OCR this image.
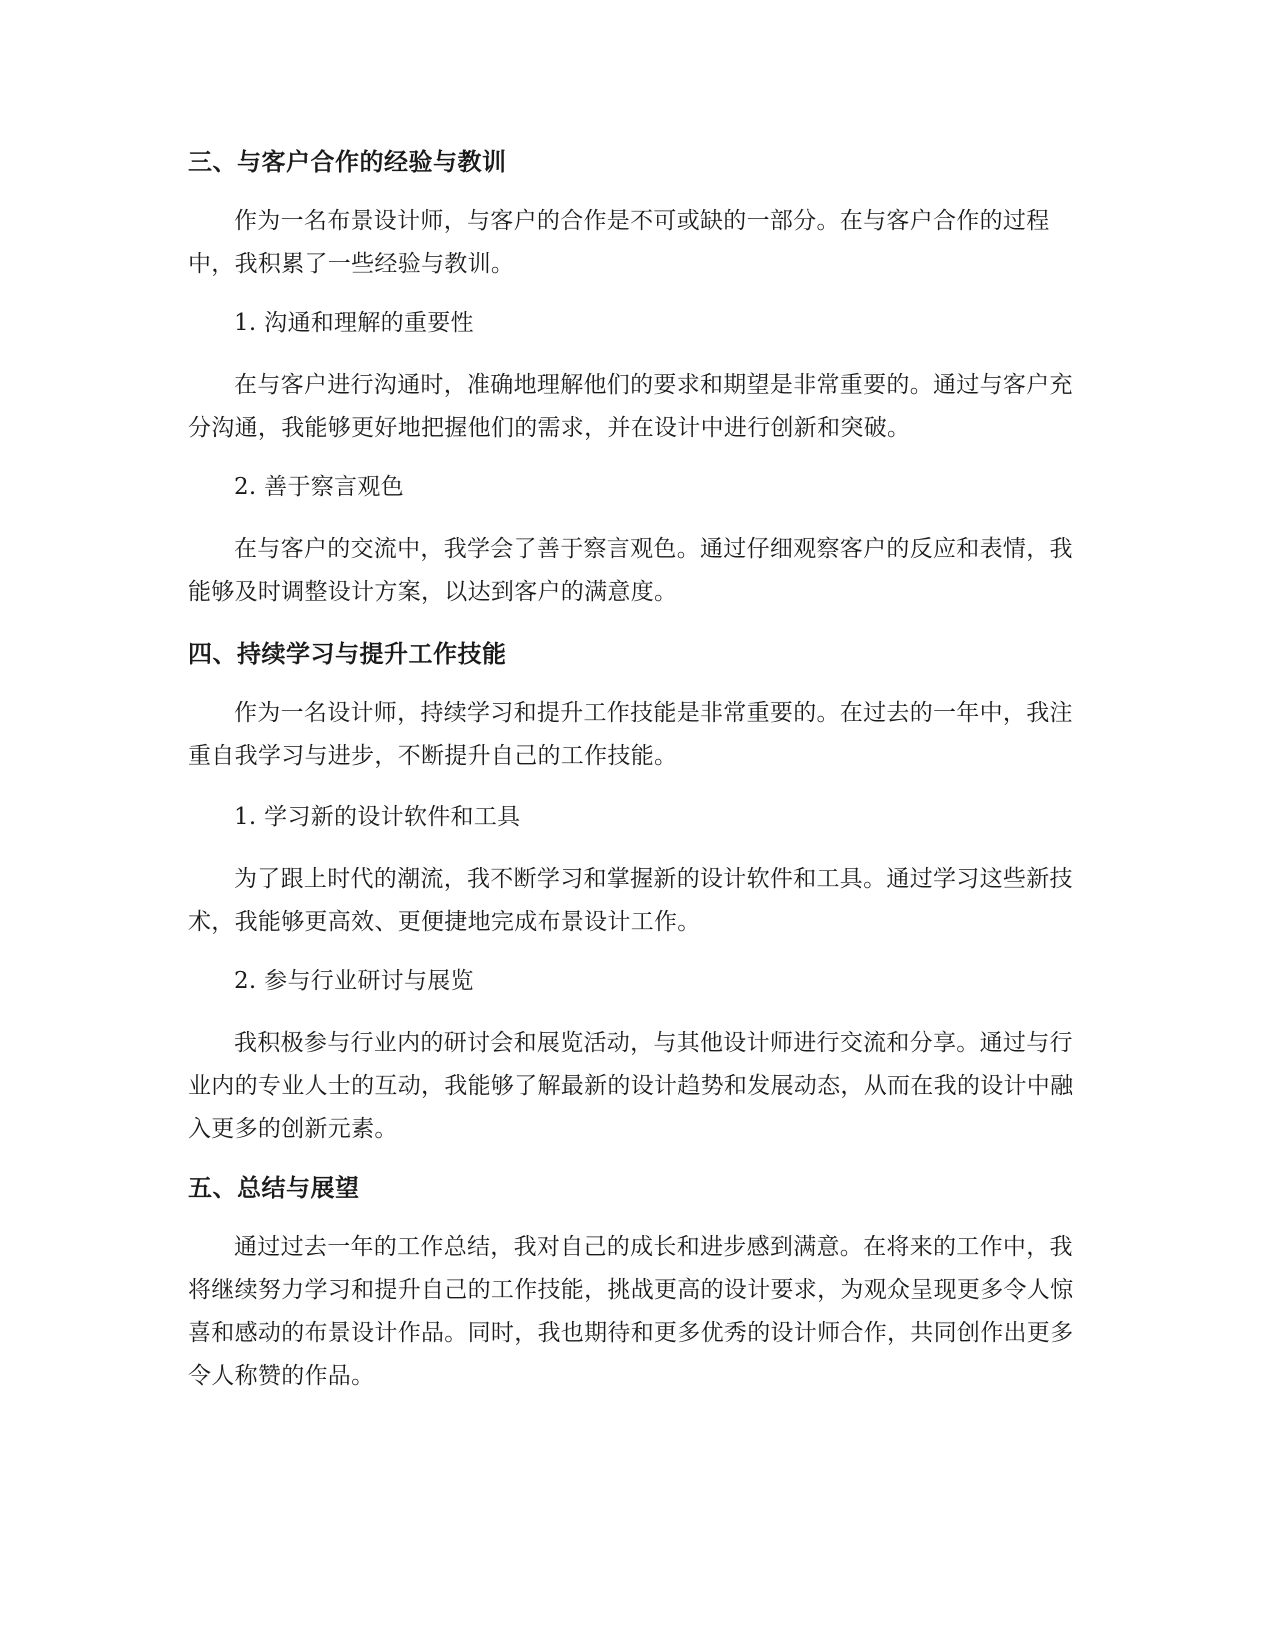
三、与客户合作的经验与教训

作为一名布景设计师，与客户的合作是不可或缺的一部分。在与客户合作的过程中，我积累了一些经验与教训。

1. 沟通和理解的重要性

在与客户进行沟通时，准确地理解他们的要求和期望是非常重要的。通过与客户充分沟通，我能够更好地把握他们的需求，并在设计中进行创新和突破。

2. 善于察言观色

在与客户的交流中，我学会了善于察言观色。通过仔细观察客户的反应和表情，我能够及时调整设计方案，以达到客户的满意度。

四、持续学习与提升工作技能

作为一名设计师，持续学习和提升工作技能是非常重要的。在过去的一年中，我注重自我学习与进步，不断提升自己的工作技能。

1. 学习新的设计软件和工具

为了跟上时代的潮流，我不断学习和掌握新的设计软件和工具。通过学习这些新技术，我能够更高效、更便捷地完成布景设计工作。

2. 参与行业研讨与展览

我积极参与行业内的研讨会和展览活动，与其他设计师进行交流和分享。通过与行业内的专业人士的互动，我能够了解最新的设计趋势和发展动态，从而在我的设计中融入更多的创新元素。

五、总结与展望

通过过去一年的工作总结，我对自己的成长和进步感到满意。在将来的工作中，我将继续努力学习和提升自己的工作技能，挑战更高的设计要求，为观众呈现更多令人惊喜和感动的布景设计作品。同时，我也期待和更多优秀的设计师合作，共同创作出更多令人称赞的作品。
